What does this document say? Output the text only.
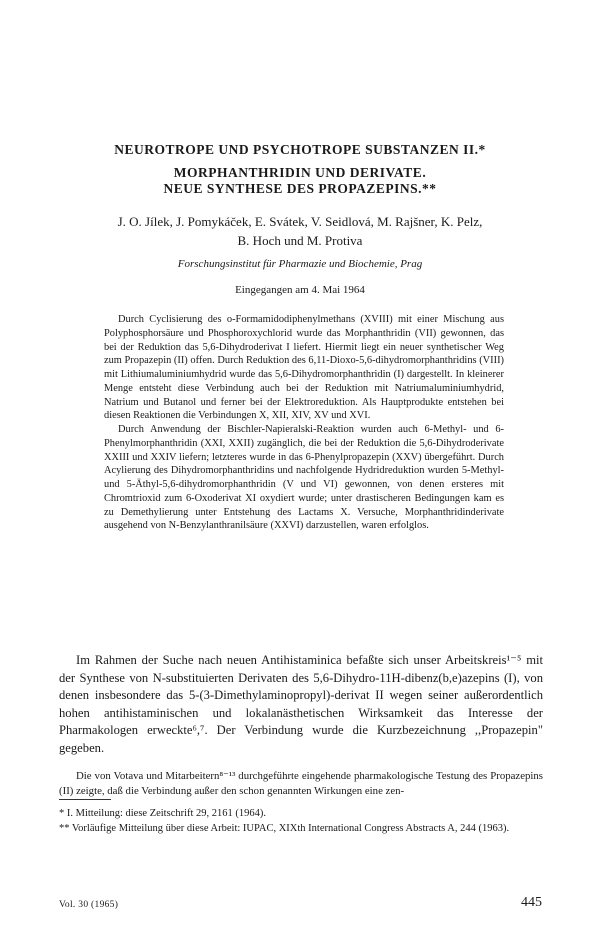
NEUROTROPE UND PSYCHOTROPE SUBSTANZEN II.*
MORPHANTHRIDIN UND DERIVATE.
NEUE SYNTHESE DES PROPAZEPINS.**
J. O. Jílek, J. Pomykáček, E. Svátek, V. Seidlová, M. Rajšner, K. Pelz,
B. Hoch und M. Protiva
Forschungsinstitut für Pharmazie und Biochemie, Prag
Eingegangen am 4. Mai 1964

Durch Cyclisierung des o-Formamidodiphenylmethans (XVIII) mit einer Mischung aus Polyphosphorsäure und Phosphoroxychlorid wurde das Morphanthridin (VII) gewonnen, das bei der Reduktion das 5,6-Dihydroderivat I liefert. Hiermit liegt ein neuer synthetischer Weg zum Propazepin (II) offen. Durch Reduktion des 6,11-Dioxo-5,6-dihydromorphanthridins (VIII) mit Lithiumaluminiumhydrid wurde das 5,6-Dihydromorphanthridin (I) dargestellt. In kleinerer Menge entsteht diese Verbindung auch bei der Reduktion mit Natriumaluminiumhydrid, Natrium und Butanol und ferner bei der Elektroreduktion. Als Hauptprodukte entstehen bei diesen Reaktionen die Verbindungen X, XII, XIV, XV und XVI.

Durch Anwendung der Bischler-Napieralski-Reaktion wurden auch 6-Methyl- und 6-Phenylmorphanthridin (XXI, XXII) zugänglich, die bei der Reduktion die 5,6-Dihydroderivate XXIII und XXIV liefern; letzteres wurde in das 6-Phenylpropazepin (XXV) übergeführt. Durch Acylierung des Dihydromorphanthridins und nachfolgende Hydridreduktion wurden 5-Methyl- und 5-Äthyl-5,6-dihydromorphanthridin (V und VI) gewonnen, von denen ersteres mit Chromtrioxid zum 6-Oxoderivat XI oxydiert wurde; unter drastischeren Bedingungen kam es zu Demethylierung unter Entstehung des Lactams X. Versuche, Morphanthridinderivate ausgehend von N-Benzylanthranilsäure (XXVI) darzustellen, waren erfolglos.

Im Rahmen der Suche nach neuen Antihistaminica befaßte sich unser Arbeitskreis¹⁻⁵ mit der Synthese von N-substituierten Derivaten des 5,6-Dihydro-11H-dibenz(b,e)azepins (I), von denen insbesondere das 5-(3-Dimethylaminopropyl)-derivat II wegen seiner außerordentlich hohen antihistaminischen und lokalanästhetischen Wirksamkeit das Interesse der Pharmakologen erweckte⁶,⁷. Der Verbindung wurde die Kurzbezeichnung ,,Propazepin" gegeben.

Die von Votava und Mitarbeitern⁸⁻¹³ durchgeführte eingehende pharmakologische Testung des Propazepins (II) zeigte, daß die Verbindung außer den schon genannten Wirkungen eine zen-

* I. Mitteilung: diese Zeitschrift 29, 2161 (1964).

** Vorläufige Mitteilung über diese Arbeit: IUPAC, XIXth International Congress Abstracts A, 244 (1963).

Vol. 30 (1965)	445
